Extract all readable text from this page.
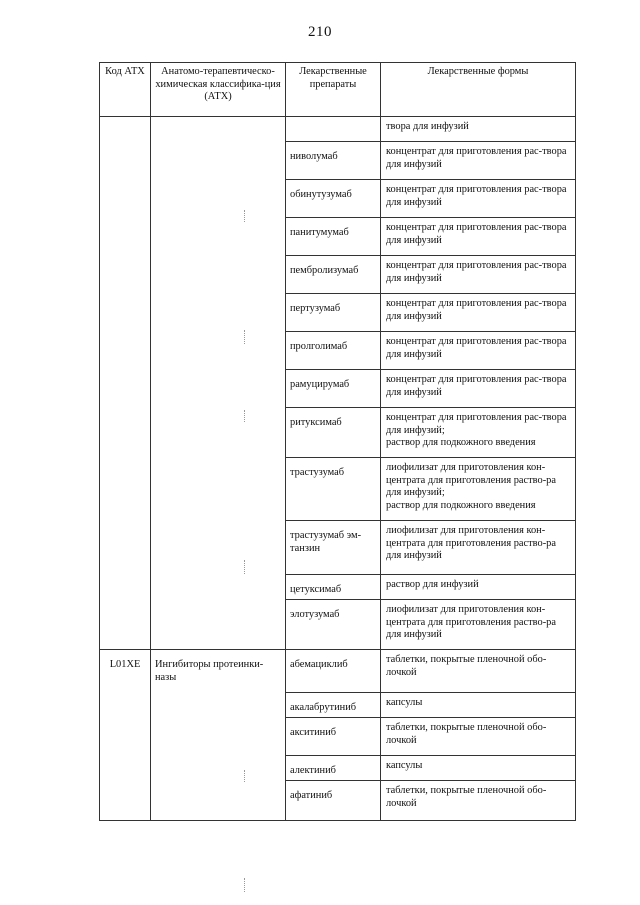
210
Код АТХ	Анатомо-терапевтическо-химическая классифика-ция (АТХ)	Лекарственные препараты	Лекарственные формы
			твора для инфузий
		ниволумаб	концентрат для приготовления рас-твора для инфузий
		обинутузумаб	концентрат для приготовления рас-твора для инфузий
		панитумумаб	концентрат для приготовления рас-твора для инфузий
		пембролизумаб	концентрат для приготовления рас-твора для инфузий
		пертузумаб	концентрат для приготовления рас-твора для инфузий
		пролголимаб	концентрат для приготовления рас-твора для инфузий
		рамуцирумаб	концентрат для приготовления рас-твора для инфузий
		ритуксимаб	концентрат для приготовления рас-твора для инфузий;
раствор для подкожного введения
		трастузумаб	лиофилизат для приготовления кон-центрата для приготовления раство-ра для инфузий;
раствор для подкожного введения
		трастузумаб эм-танзин	лиофилизат для приготовления кон-центрата для приготовления раство-ра для инфузий
		цетуксимаб	раствор для инфузий
		элотузумаб	лиофилизат для приготовления кон-центрата для приготовления раство-ра для инфузий
L01XE	Ингибиторы протеинки-назы	абемациклиб	таблетки, покрытые пленочной обо-лочкой
		акалабрутиниб	капсулы
		акситиниб	таблетки, покрытые пленочной обо-лочкой
		алектиниб	капсулы
		афатиниб	таблетки, покрытые пленочной обо-лочкой
